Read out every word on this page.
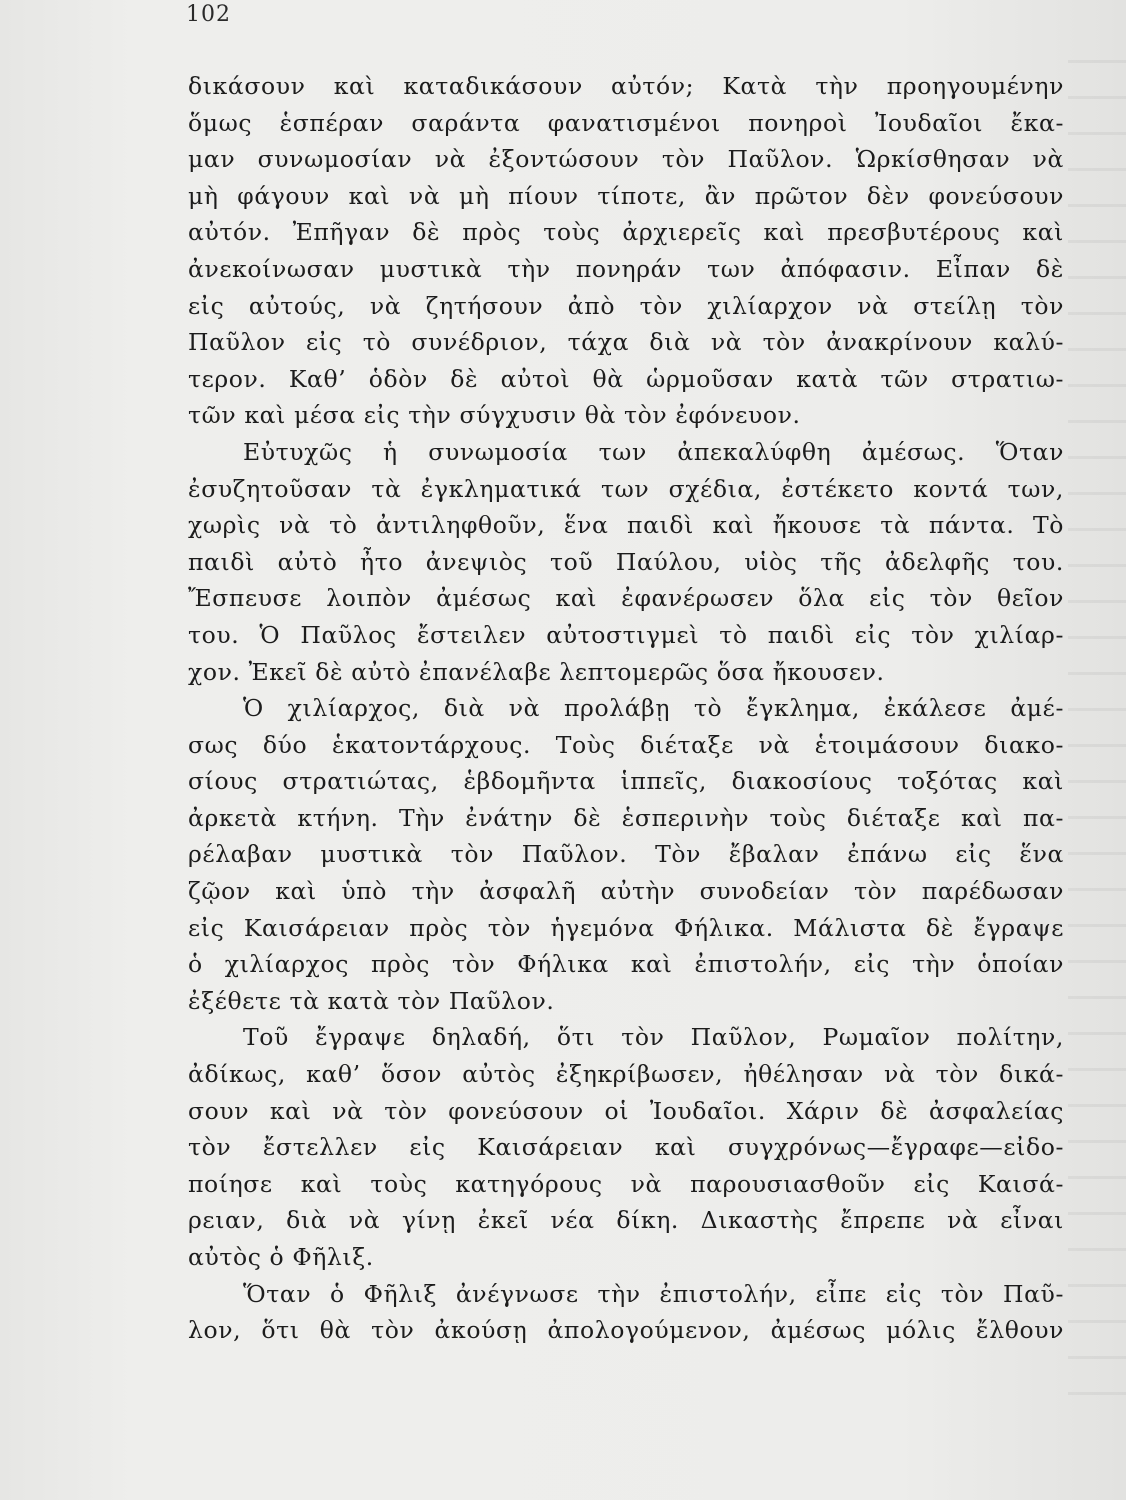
102
δικάσουν καὶ καταδικάσουν αὐτόν; Κατὰ τὴν προηγουμένην
ὅμως ἑσπέραν σαράντα φανατισμένοι πονηροὶ Ἰουδαῖοι ἔκα-
μαν συνωμοσίαν νὰ ἐξοντώσουν τὸν Παῦλον. Ὡρκίσθησαν νὰ
μὴ φάγουν καὶ νὰ μὴ πίουν τίποτε, ἂν πρῶτον δὲν φονεύσουν
αὐτόν. Ἐπῆγαν δὲ πρὸς τοὺς ἀρχιερεῖς καὶ πρεσβυτέρους καὶ
ἀνεκοίνωσαν μυστικὰ τὴν πονηράν των ἀπόφασιν. Εἶπαν δὲ
εἰς αὐτούς, νὰ ζητήσουν ἀπὸ τὸν χιλίαρχον νὰ στείλῃ τὸν
Παῦλον εἰς τὸ συνέδριον, τάχα διὰ νὰ τὸν ἀνακρίνουν καλύ-
τερον. Καθ’ ὁδὸν δὲ αὐτοὶ θὰ ὡρμοῦσαν κατὰ τῶν στρατιω-
τῶν καὶ μέσα εἰς τὴν σύγχυσιν θὰ τὸν ἐφόνευον.
Εὐτυχῶς ἡ συνωμοσία των ἀπεκαλύφθη ἀμέσως. Ὅταν
ἐσυζητοῦσαν τὰ ἐγκληματικά των σχέδια, ἐστέκετο κοντά των,
χωρὶς νὰ τὸ ἀντιληφθοῦν, ἕνα παιδὶ καὶ ἤκουσε τὰ πάντα. Τὸ
παιδὶ αὐτὸ ἦτο ἀνεψιὸς τοῦ Παύλου, υἱὸς τῆς ἀδελφῆς του.
Ἔσπευσε λοιπὸν ἀμέσως καὶ ἐφανέρωσεν ὅλα εἰς τὸν θεῖον
του. Ὁ Παῦλος ἔστειλεν αὐτοστιγμεὶ τὸ παιδὶ εἰς τὸν χιλίαρ-
χον. Ἐκεῖ δὲ αὐτὸ ἐπανέλαβε λεπτομερῶς ὅσα ἤκουσεν.
Ὁ χιλίαρχος, διὰ νὰ προλάβῃ τὸ ἔγκλημα, ἐκάλεσε ἀμέ-
σως δύο ἑκατοντάρχους. Τοὺς διέταξε νὰ ἑτοιμάσουν διακο-
σίους στρατιώτας, ἑβδομῆντα ἱππεῖς, διακοσίους τοξότας καὶ
ἀρκετὰ κτήνη. Τὴν ἐνάτην δὲ ἑσπερινὴν τοὺς διέταξε καὶ πα-
ρέλαβαν μυστικὰ τὸν Παῦλον. Τὸν ἔβαλαν ἐπάνω εἰς ἕνα
ζῷον καὶ ὑπὸ τὴν ἀσφαλῆ αὐτὴν συνοδείαν τὸν παρέδωσαν
εἰς Καισάρειαν πρὸς τὸν ἡγεμόνα Φήλικα. Μάλιστα δὲ ἔγραψε
ὁ χιλίαρχος πρὸς τὸν Φήλικα καὶ ἐπιστολήν, εἰς τὴν ὁποίαν
ἐξέθετε τὰ κατὰ τὸν Παῦλον.
Τοῦ ἔγραψε δηλαδή, ὅτι τὸν Παῦλον, Ρωμαῖον πολίτην,
ἀδίκως, καθ’ ὅσον αὐτὸς ἐξηκρίβωσεν, ἠθέλησαν νὰ τὸν δικά-
σουν καὶ νὰ τὸν φονεύσουν οἱ Ἰουδαῖοι. Χάριν δὲ ἀσφαλείας
τὸν ἔστελλεν εἰς Καισάρειαν καὶ συγχρόνως—ἔγραφε—εἰδο-
ποίησε καὶ τοὺς κατηγόρους νὰ παρουσιασθοῦν εἰς Καισά-
ρειαν, διὰ νὰ γίνῃ ἐκεῖ νέα δίκη. Δικαστὴς ἔπρεπε νὰ εἶναι
αὐτὸς ὁ Φῆλιξ.
Ὅταν ὁ Φῆλιξ ἀνέγνωσε τὴν ἐπιστολήν, εἶπε εἰς τὸν Παῦ-
λον, ὅτι θὰ τὸν ἀκούσῃ ἀπολογούμενον, ἀμέσως μόλις ἔλθουν
